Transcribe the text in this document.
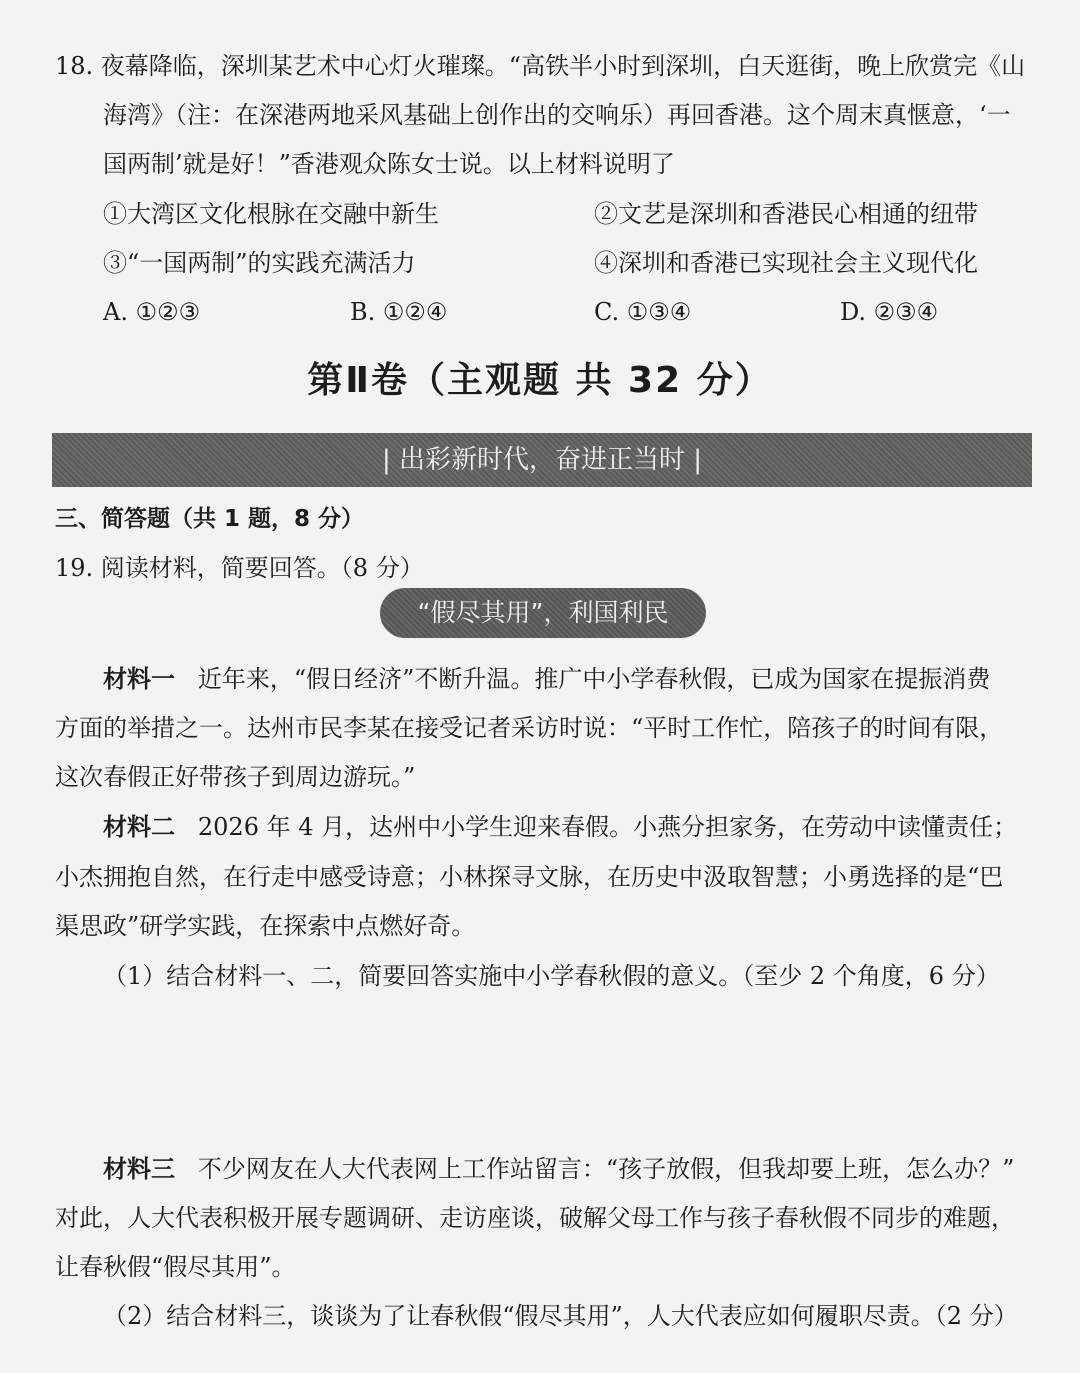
18. 夜幕降临，深圳某艺术中心灯火璀璨。“高铁半小时到深圳，白天逛街，晚上欣赏完《山
海湾》（注：在深港两地采风基础上创作出的交响乐）再回香港。这个周末真惬意，‘一
国两制’就是好！”香港观众陈女士说。以上材料说明了
①大湾区文化根脉在交融中新生	②文艺是深圳和香港民心相通的纽带
③“一国两制”的实践充满活力	④深圳和香港已实现社会主义现代化
A. ①②③	B. ①②④	C. ①③④	D. ②③④
第Ⅱ卷（主观题 共 32 分）
| 出彩新时代，奋进正当时 |
三、简答题（共 1 题，8 分）
19. 阅读材料，简要回答。（8 分）
“假尽其用”，利国利民
材料一 近年来，“假日经济”不断升温。推广中小学春秋假，已成为国家在提振消费
方面的举措之一。达州市民李某在接受记者采访时说：“平时工作忙，陪孩子的时间有限，
这次春假正好带孩子到周边游玩。”
材料二 2026 年 4 月，达州中小学生迎来春假。小燕分担家务，在劳动中读懂责任；
小杰拥抱自然，在行走中感受诗意；小林探寻文脉，在历史中汲取智慧；小勇选择的是“巴
渠思政”研学实践，在探索中点燃好奇。
（1）结合材料一、二，简要回答实施中小学春秋假的意义。（至少 2 个角度，6 分）
材料三 不少网友在人大代表网上工作站留言：“孩子放假，但我却要上班，怎么办？”
对此，人大代表积极开展专题调研、走访座谈，破解父母工作与孩子春秋假不同步的难题，
让春秋假“假尽其用”。
（2）结合材料三，谈谈为了让春秋假“假尽其用”，人大代表应如何履职尽责。（2 分）
